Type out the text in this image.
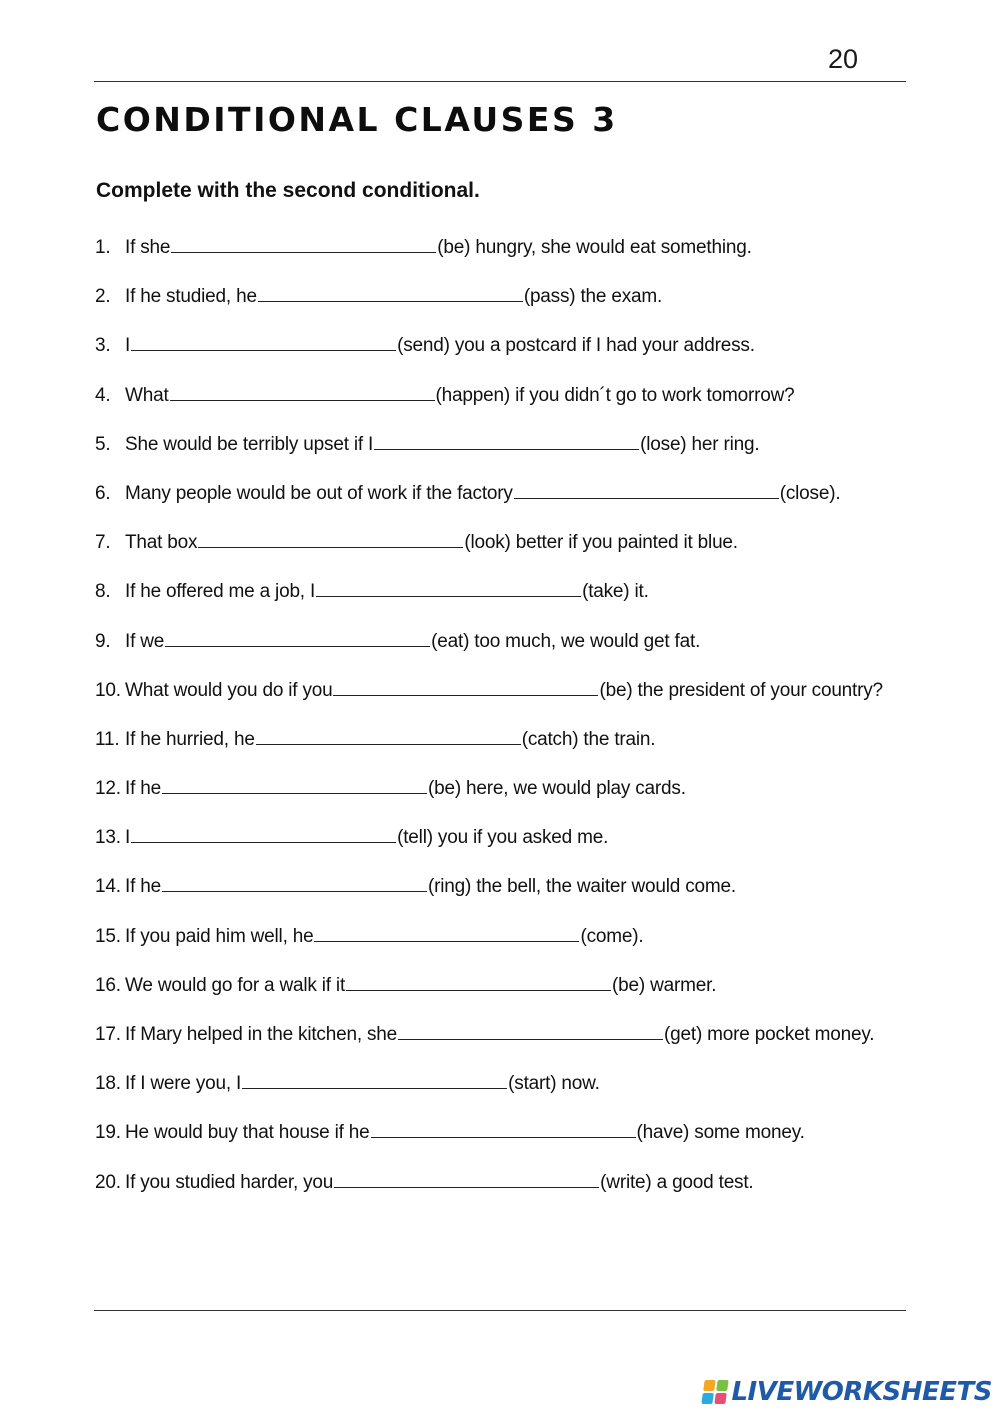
20
CONDITIONAL CLAUSES 3

Complete with the second conditional.

1. If she	(be) hungry, she would eat something.
2. If he studied, he	(pass) the exam.
3. I	(send) you a postcard if I had your address.
4. What	(happen) if you didn´t go to work tomorrow?
5. She would be terribly upset if I	(lose) her ring.
6. Many people would be out of work if the factory	(close).
7. That box	(look) better if you painted it blue.
8. If he offered me a job, I	(take) it.
9. If we	(eat) too much, we would get fat.
10. What would you do if you	(be) the president of your country?
11. If he hurried, he	(catch) the train.
12. If he	(be) here, we would play cards.
13. I	(tell) you if you asked me.
14. If he	(ring) the bell, the waiter would come.
15. If you paid him well, he	(come).
16. We would go for a walk if it	(be) warmer.
17. If Mary helped in the kitchen, she	(get) more pocket money.
18. If I were you, I	(start) now.
19. He would buy that house if he	(have) some money.
20. If you studied harder, you	(write) a good test.
LIVEWORKSHEETS
